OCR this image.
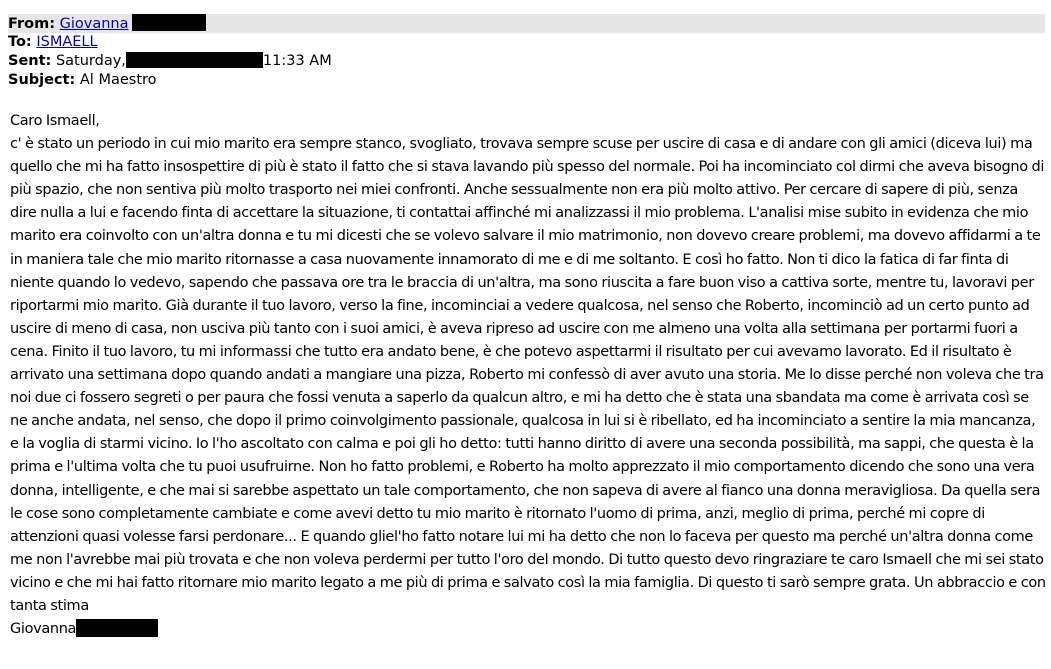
From: Giovanna
To: ISMAELL
Sent: Saturday,	11:33 AM
Subject: Al Maestro

Caro Ismaell,

c' è stato un periodo in cui mio marito era sempre stanco, svogliato, trovava sempre scuse per uscire di casa e di andare con gli amici (diceva lui) ma quello che mi ha fatto insospettire di più è stato il fatto che si stava lavando più spesso del normale. Poi ha incominciato col dirmi che aveva bisogno di più spazio, che non sentiva più molto trasporto nei miei confronti. Anche sessualmente non era più molto attivo. Per cercare di sapere di più, senza dire nulla a lui e facendo finta di accettare la situazione, ti contattai affinché mi analizzassi il mio problema. L'analisi mise subito in evidenza che mio marito era coinvolto con un'altra donna e tu mi dicesti che se volevo salvare il mio matrimonio, non dovevo creare problemi, ma dovevo affidarmi a te in maniera tale che mio marito ritornasse a casa nuovamente innamorato di me e di me soltanto. E così ho fatto. Non ti dico la fatica di far finta di niente quando lo vedevo, sapendo che passava ore tra le braccia di un'altra, ma sono riuscita a fare buon viso a cattiva sorte, mentre tu, lavoravi per riportarmi mio marito. Già durante il tuo lavoro, verso la fine, incominciai a vedere qualcosa, nel senso che Roberto, incominciò ad un certo punto ad uscire di meno di casa, non usciva più tanto con i suoi amici, è aveva ripreso ad uscire con me almeno una volta alla settimana per portarmi fuori a cena. Finito il tuo lavoro, tu mi informassi che tutto era andato bene, è che potevo aspettarmi il risultato per cui avevamo lavorato. Ed il risultato è arrivato una settimana dopo quando andati a mangiare una pizza, Roberto mi confessò di aver avuto una storia. Me lo disse perché non voleva che tra noi due ci fossero segreti o per paura che fossi venuta a saperlo da qualcun altro, e mi ha detto che è stata una sbandata ma come è arrivata così se ne anche andata, nel senso, che dopo il primo coinvolgimento passionale, qualcosa in lui si è ribellato, ed ha incominciato a sentire la mia mancanza, e la voglia di starmi vicino. Io l'ho ascoltato con calma e poi gli ho detto: tutti hanno diritto di avere una seconda possibilità, ma sappi, che questa è la prima e l'ultima volta che tu puoi usufruirne. Non ho fatto problemi, e Roberto ha molto apprezzato il mio comportamento dicendo che sono una vera donna, intelligente, e che mai si sarebbe aspettato un tale comportamento, che non sapeva di avere al fianco una donna meravigliosa. Da quella sera le cose sono completamente cambiate e come avevi detto tu mio marito è ritornato l'uomo di prima, anzi, meglio di prima, perché mi copre di attenzioni quasi volesse farsi perdonare... E quando gliel'ho fatto notare lui mi ha detto che non lo faceva per questo ma perché un'altra donna come me non l'avrebbe mai più trovata e che non voleva perdermi per tutto l'oro del mondo. Di tutto questo devo ringraziare te caro Ismaell che mi sei stato vicino e che mi hai fatto ritornare mio marito legato a me più di prima e salvato così la mia famiglia. Di questo ti sarò sempre grata. Un abbraccio e con tanta stima

Giovanna
